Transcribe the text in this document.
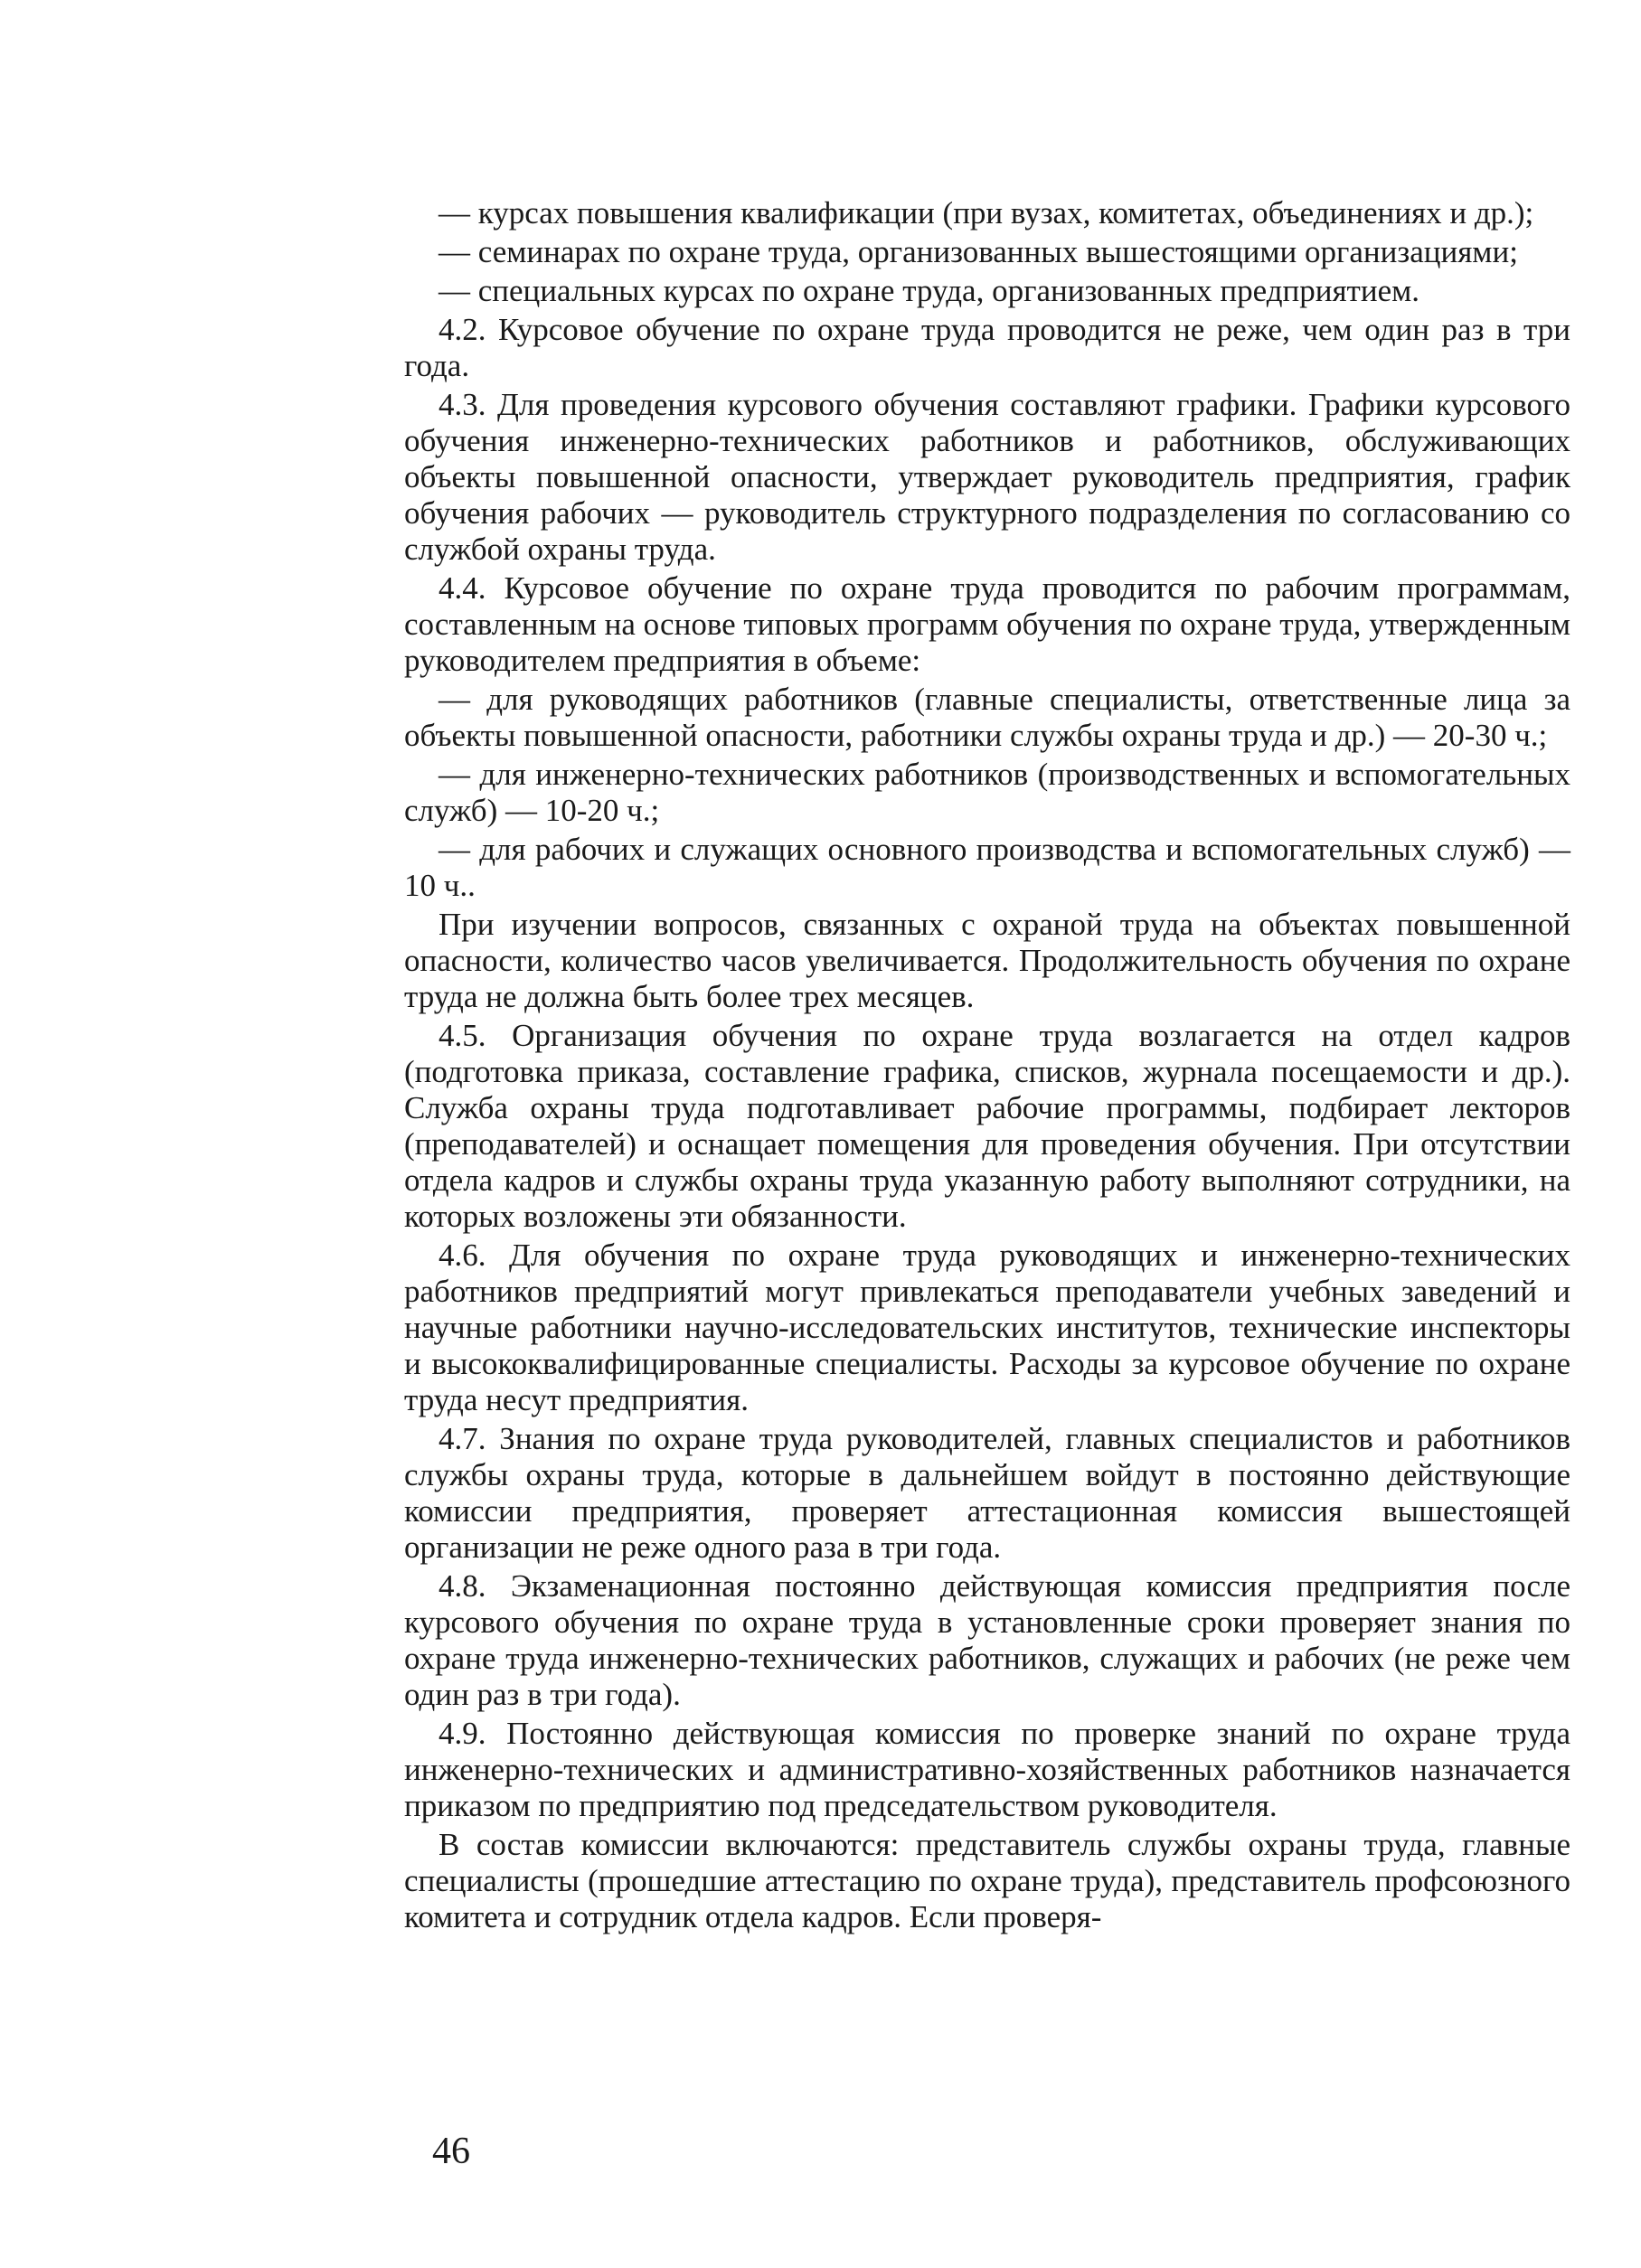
— курсах повышения квалификации (при вузах, комитетах, объединениях и др.);

— семинарах по охране труда, организованных вышестоящими организациями;

— специальных курсах по охране труда, организованных предприятием.

4.2. Курсовое обучение по охране труда проводится не реже, чем один раз в три года.

4.3. Для проведения курсового обучения составляют графики. Графики курсового обучения инженерно-технических работников и работников, обслуживающих объекты повышенной опасности, утверждает руководитель предприятия, график обучения рабочих — руководитель структурного подразделения по согласованию со службой охраны труда.

4.4. Курсовое обучение по охране труда проводится по рабочим программам, составленным на основе типовых программ обучения по охране труда, утвержденным руководителем предприятия в объеме:

— для руководящих работников (главные специалисты, ответственные лица за объекты повышенной опасности, работники службы охраны труда и др.) — 20-30 ч.;

— для инженерно-технических работников (производственных и вспомогательных служб) — 10-20 ч.;

— для рабочих и служащих основного производства и вспомогательных служб) — 10 ч..

При изучении вопросов, связанных с охраной труда на объектах повышенной опасности, количество часов увеличивается. Продолжительность обучения по охране труда не должна быть более трех месяцев.

4.5. Организация обучения по охране труда возлагается на отдел кадров (подготовка приказа, составление графика, списков, журнала посещаемости и др.). Служба охраны труда подготавливает рабочие программы, подбирает лекторов (преподавателей) и оснащает помещения для проведения обучения. При отсутствии отдела кадров и службы охраны труда указанную работу выполняют сотрудники, на которых возложены эти обязанности.

4.6. Для обучения по охране труда руководящих и инженерно-технических работников предприятий могут привлекаться преподаватели учебных заведений и научные работники научно-исследовательских институтов, технические инспекторы и высококвалифицированные специалисты. Расходы за курсовое обучение по охране труда несут предприятия.

4.7. Знания по охране труда руководителей, главных специалистов и работников службы охраны труда, которые в дальнейшем войдут в постоянно действующие комиссии предприятия, проверяет аттестационная комиссия вышестоящей организации не реже одного раза в три года.

4.8. Экзаменационная постоянно действующая комиссия предприятия после курсового обучения по охране труда в установленные сроки проверяет знания по охране труда инженерно-технических работников, служащих и рабочих (не реже чем один раз в три года).

4.9. Постоянно действующая комиссия по проверке знаний по охране труда инженерно-технических и административно-хозяйственных работников назначается приказом по предприятию под председательством руководителя.

В состав комиссии включаются: представитель службы охраны труда, главные специалисты (прошедшие аттестацию по охране труда), представитель профсоюзного комитета и сотрудник отдела кадров. Если проверя-

46
